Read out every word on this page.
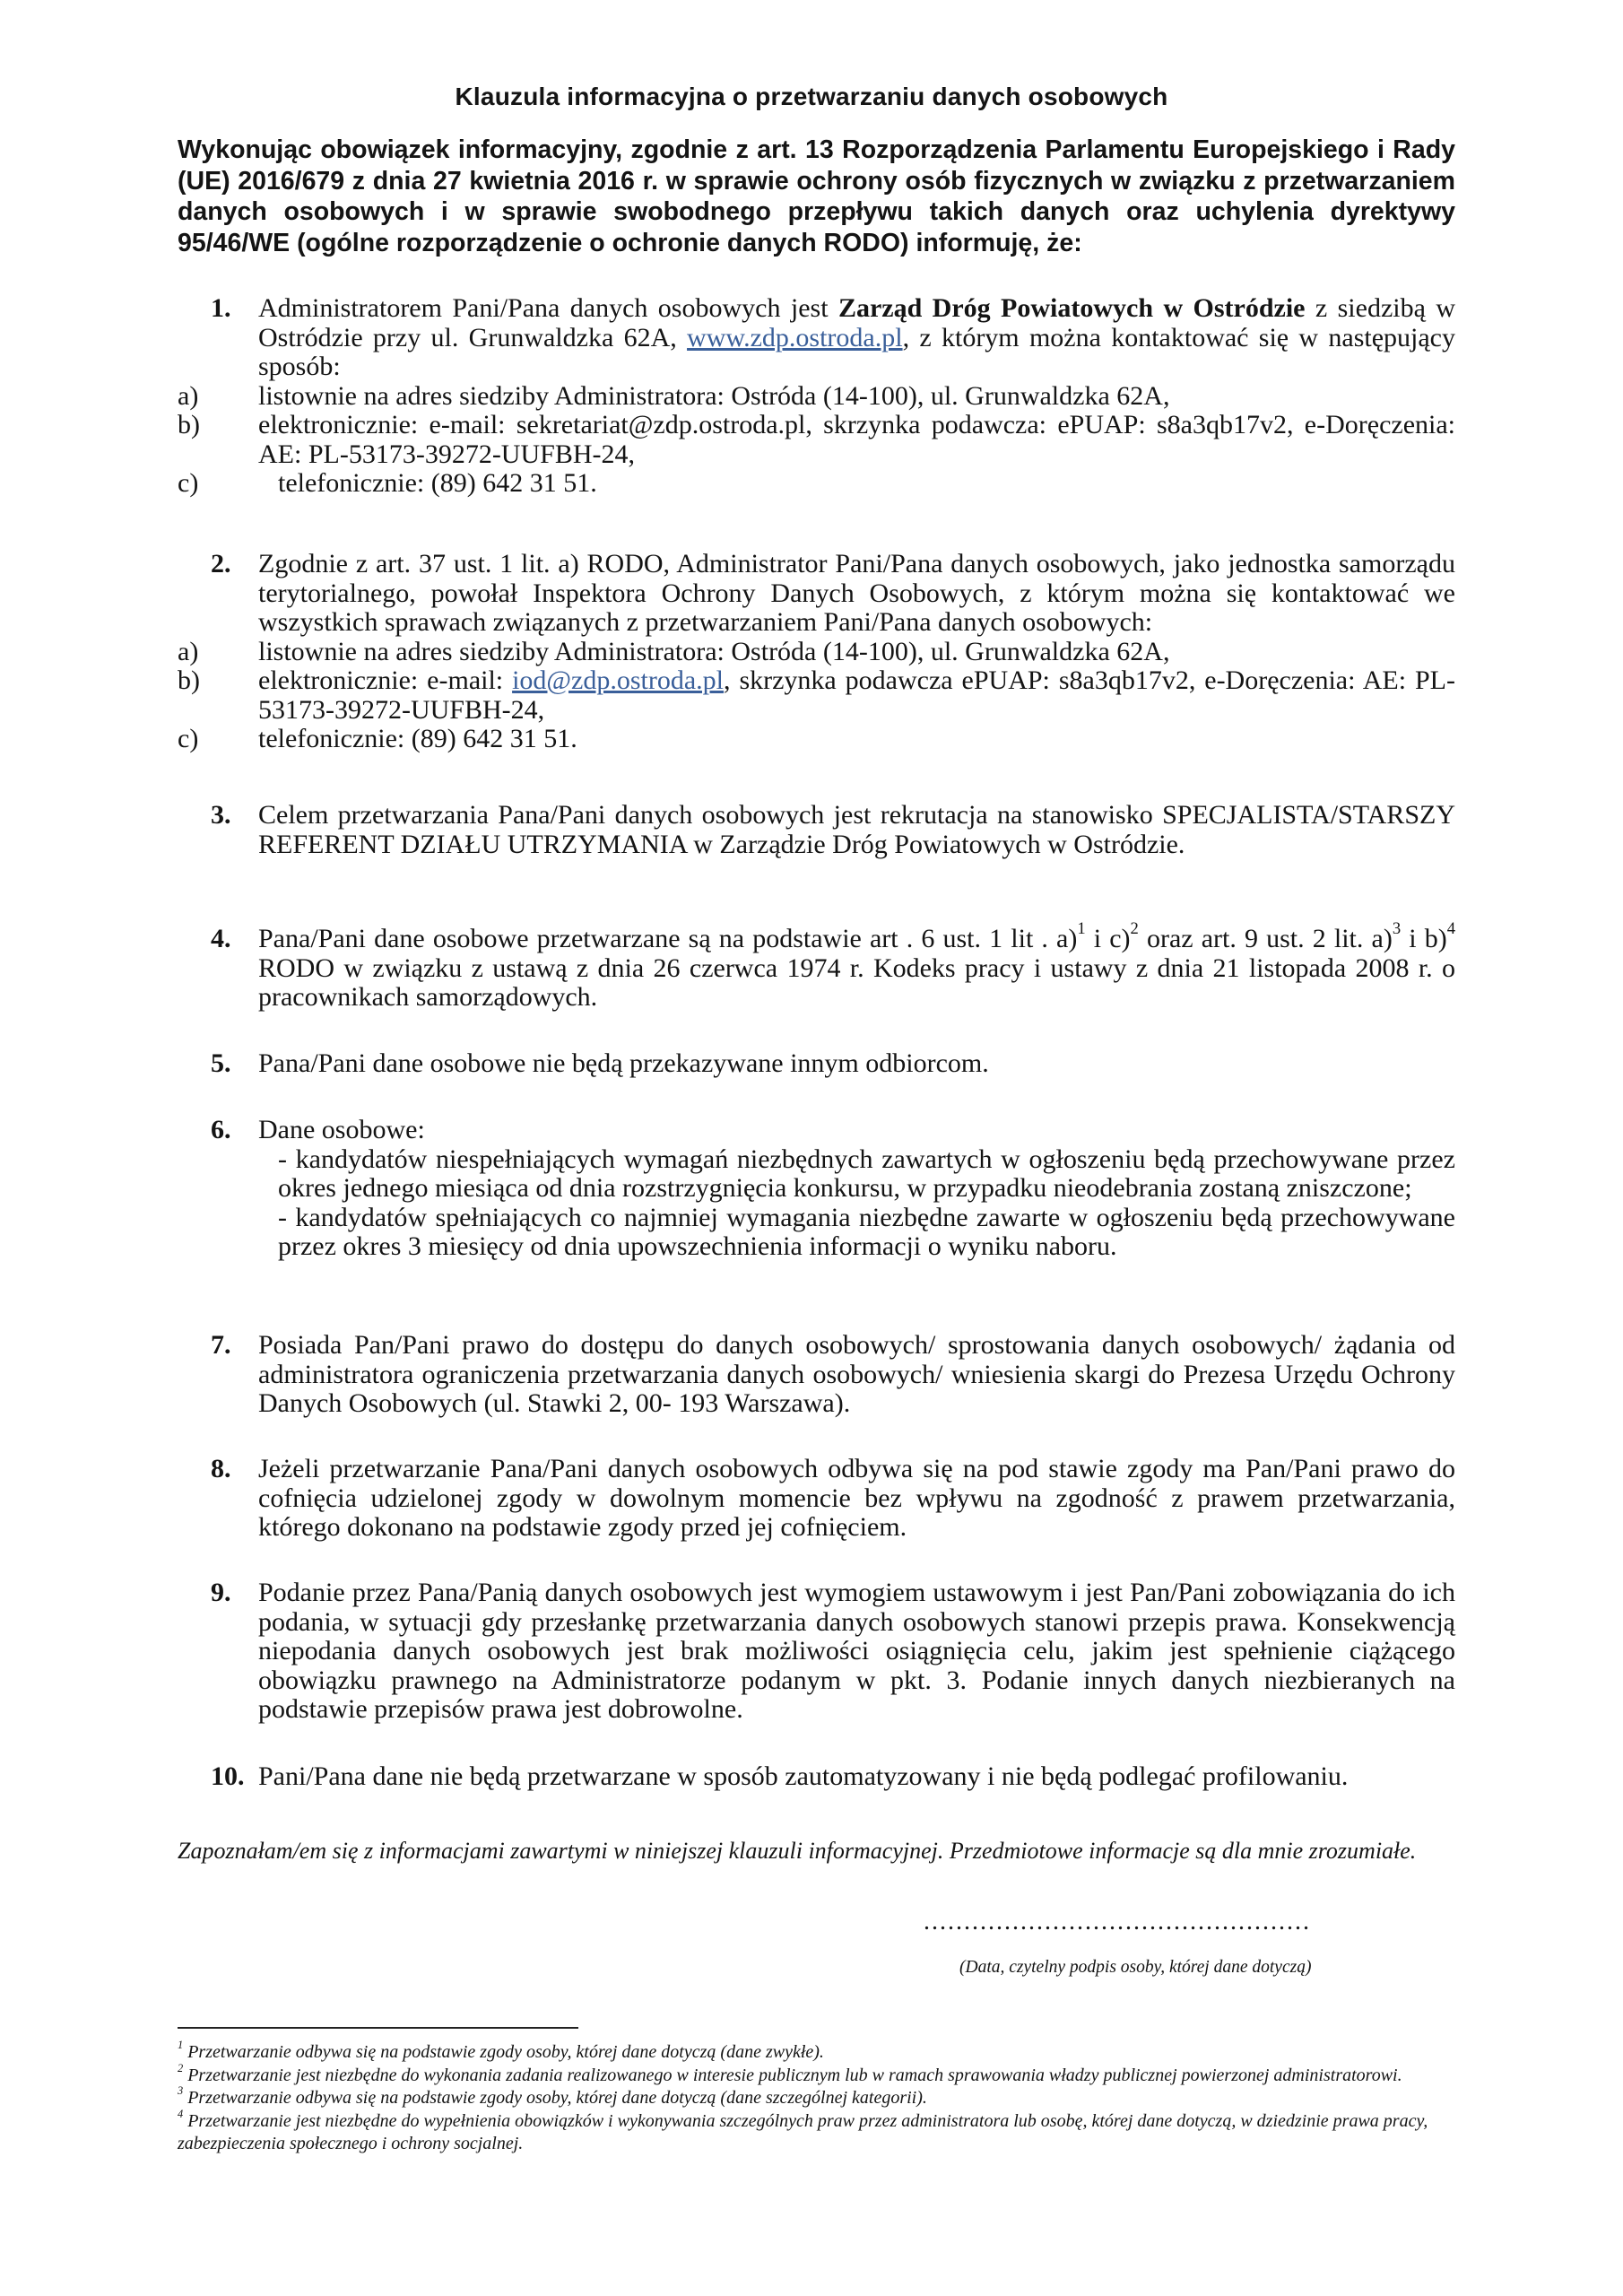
Klauzula informacyjna o przetwarzaniu danych osobowych
Wykonując obowiązek informacyjny, zgodnie z art. 13 Rozporządzenia Parlamentu Europejskiego i Rady (UE) 2016/679 z dnia 27 kwietnia 2016 r. w sprawie ochrony osób fizycznych w związku z przetwarzaniem danych osobowych i w sprawie swobodnego przepływu takich danych oraz uchylenia dyrektywy 95/46/WE (ogólne rozporządzenie o ochronie danych RODO) informuję, że:
1.	Administratorem Pani/Pana danych osobowych jest Zarząd Dróg Powiatowych w Ostródzie z siedzibą w Ostródzie przy ul. Grunwaldzka 62A, www.zdp.ostroda.pl, z którym można kontaktować się w następujący sposób:
a)	listownie na adres siedziby Administratora: Ostróda (14-100), ul. Grunwaldzka 62A,
b)	elektronicznie: e-mail: sekretariat@zdp.ostroda.pl, skrzynka podawcza: ePUAP: s8a3qb17v2, e-Doręczenia: AE: PL-53173-39272-UUFBH-24,
c)	telefonicznie: (89) 642 31 51.
2.	Zgodnie z art. 37 ust. 1 lit. a) RODO, Administrator Pani/Pana danych osobowych, jako jednostka samorządu terytorialnego, powołał Inspektora Ochrony Danych Osobowych, z którym można się kontaktować we wszystkich sprawach związanych z przetwarzaniem Pani/Pana danych osobowych:
a)	listownie na adres siedziby Administratora: Ostróda (14-100), ul. Grunwaldzka 62A,
b)	elektronicznie: e-mail: iod@zdp.ostroda.pl, skrzynka podawcza ePUAP: s8a3qb17v2, e-Doręczenia: AE: PL-53173-39272-UUFBH-24,
c)	telefonicznie: (89) 642 31 51.
3.	Celem przetwarzania Pana/Pani danych osobowych jest rekrutacja na stanowisko SPECJALISTA/STARSZY REFERENT DZIAŁU UTRZYMANIA w Zarządzie Dróg Powiatowych w Ostródzie.
4.	Pana/Pani dane osobowe przetwarzane są na podstawie art . 6 ust. 1 lit . a)$^1$ i c)$^2$ oraz art. 9 ust. 2 lit. a)$^3$ i b)$^4$ RODO w związku z ustawą z dnia 26 czerwca 1974 r. Kodeks pracy i ustawy z dnia 21 listopada 2008 r. o pracownikach samorządowych.
5.	Pana/Pani dane osobowe nie będą przekazywane innym odbiorcom.
6.	Dane osobowe:
- kandydatów niespełniających wymagań niezbędnych zawartych w ogłoszeniu będą przechowywane przez okres jednego miesiąca od dnia rozstrzygnięcia konkursu, w przypadku nieodebrania zostaną zniszczone;
- kandydatów spełniających co najmniej wymagania niezbędne zawarte w ogłoszeniu będą przechowywane przez okres 3 miesięcy od dnia upowszechnienia informacji o wyniku naboru.
7.	Posiada Pan/Pani prawo do dostępu do danych osobowych/ sprostowania danych osobowych/ żądania od administratora ograniczenia przetwarzania danych osobowych/ wniesienia skargi do Prezesa Urzędu Ochrony Danych Osobowych (ul. Stawki 2, 00- 193 Warszawa).
8.	Jeżeli przetwarzanie Pana/Pani danych osobowych odbywa się na pod stawie zgody ma Pan/Pani prawo do cofnięcia udzielonej zgody w dowolnym momencie bez wpływu na zgodność z prawem przetwarzania, którego dokonano na podstawie zgody przed jej cofnięciem.
9.	Podanie przez Pana/Panią danych osobowych jest wymogiem ustawowym i jest Pan/Pani zobowiązania do ich podania, w sytuacji gdy przesłankę przetwarzania danych osobowych stanowi przepis prawa. Konsekwencją niepodania danych osobowych jest brak możliwości osiągnięcia celu, jakim jest spełnienie ciążącego obowiązku prawnego na Administratorze podanym w pkt. 3. Podanie innych danych niezbieranych na podstawie przepisów prawa jest dobrowolne.
10. Pani/Pana dane nie będą przetwarzane w sposób zautomatyzowany i nie będą podlegać profilowaniu.
Zapoznałam/em się z informacjami zawartymi w niniejszej klauzuli informacyjnej. Przedmiotowe informacje są dla mnie zrozumiałe.
................................................
(Data, czytelny podpis osoby, której dane dotyczą)

$^1$ Przetwarzanie odbywa się na podstawie zgody osoby, której dane dotyczą (dane zwykłe).

$^2$ Przetwarzanie jest niezbędne do wykonania zadania realizowanego w interesie publicznym lub w ramach sprawowania władzy publicznej powierzonej administratorowi.

$^3$ Przetwarzanie odbywa się na podstawie zgody osoby, której dane dotyczą (dane szczególnej kategorii).

$^4$ Przetwarzanie jest niezbędne do wypełnienia obowiązków i wykonywania szczególnych praw przez administratora lub osobę, której dane dotyczą, w dziedzinie prawa pracy, zabezpieczenia społecznego i ochrony socjalnej.
